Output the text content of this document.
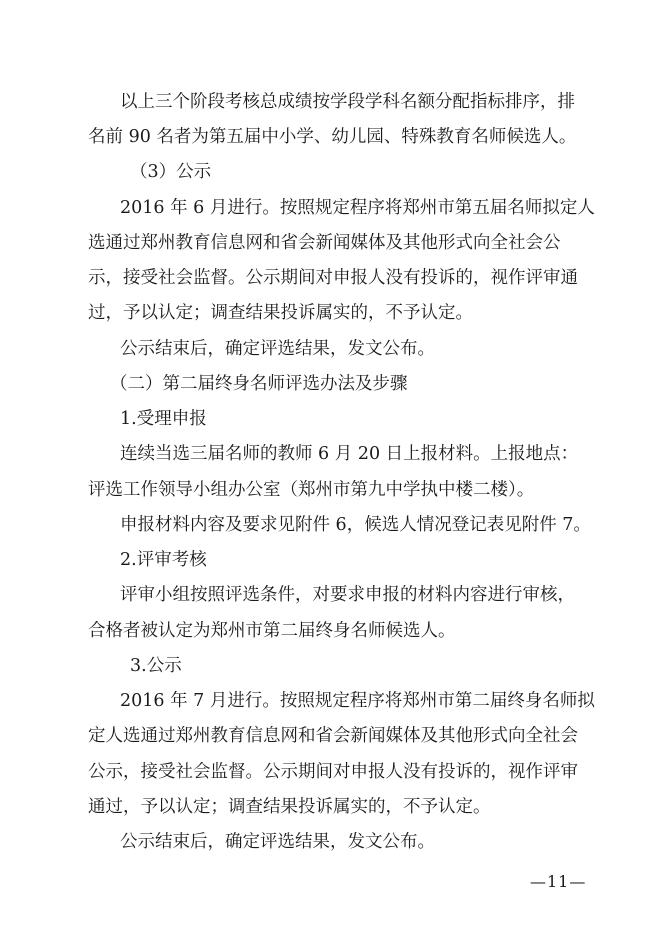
以上三个阶段考核总成绩按学段学科名额分配指标排序，排
名前 90 名者为第五届中小学、幼儿园、特殊教育名师候选人。
（3）公示
2016 年 6 月进行。按照规定程序将郑州市第五届名师拟定人
选通过郑州教育信息网和省会新闻媒体及其他形式向全社会公
示，接受社会监督。公示期间对申报人没有投诉的，视作评审通
过，予以认定；调查结果投诉属实的，不予认定。
公示结束后，确定评选结果，发文公布。
（二）第二届终身名师评选办法及步骤
1.受理申报
连续当选三届名师的教师 6 月 20 日上报材料。上报地点：
评选工作领导小组办公室（郑州市第九中学执中楼二楼）。
申报材料内容及要求见附件 6，候选人情况登记表见附件 7。
2.评审考核
评审小组按照评选条件，对要求申报的材料内容进行审核，
合格者被认定为郑州市第二届终身名师候选人。
3.公示
2016 年 7 月进行。按照规定程序将郑州市第二届终身名师拟
定人选通过郑州教育信息网和省会新闻媒体及其他形式向全社会
公示，接受社会监督。公示期间对申报人没有投诉的，视作评审
通过，予以认定；调查结果投诉属实的，不予认定。
公示结束后，确定评选结果，发文公布。
—11—
